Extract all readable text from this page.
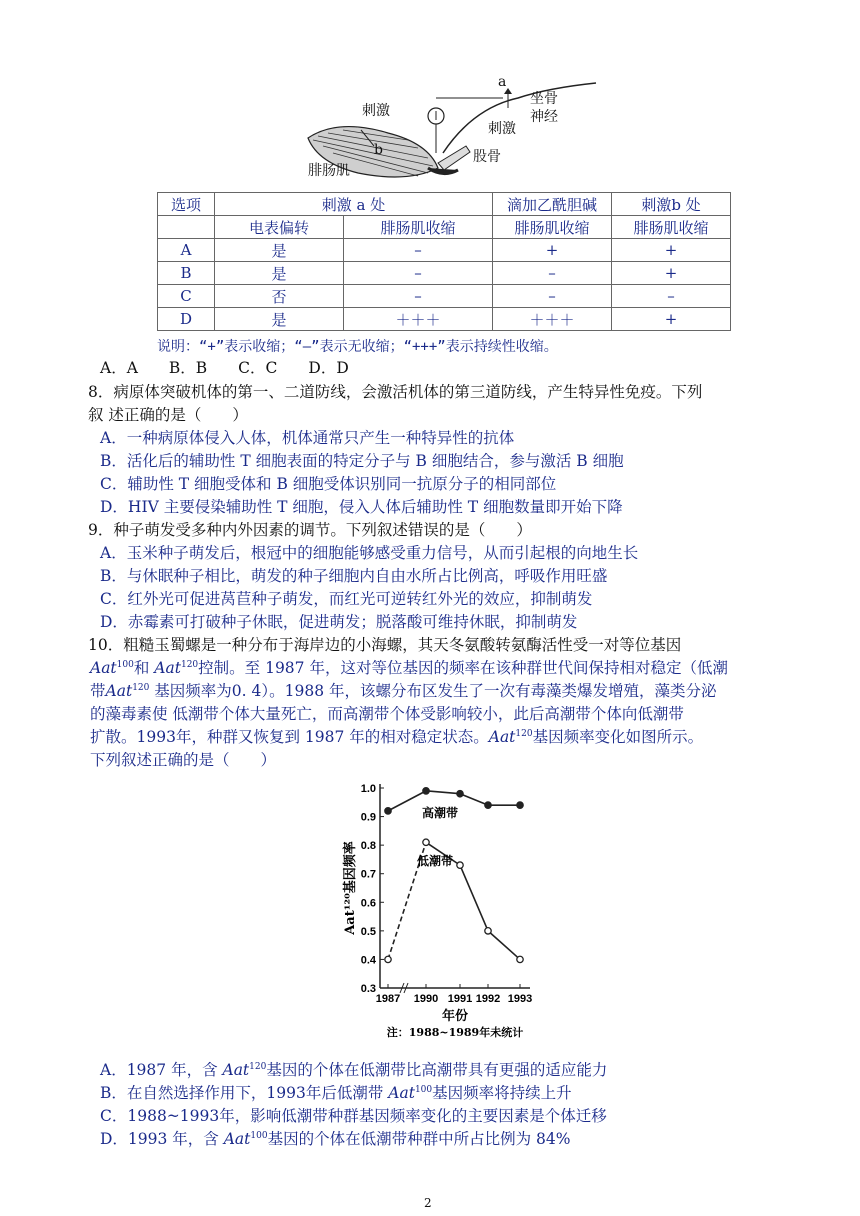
刺激
b
腓肠肌
a
刺激
坐骨
神经
股骨
选项	刺激 a 处		滴加乙酰胆碱	刺激b 处
	电表偏转	腓肠肌收缩	腓肠肌收缩	腓肠肌收缩
A	是	–	+	+
B	是	–	–	+
C	否	–	–	–
D	是	＋＋＋	＋＋＋	+
说明：“+”表示收缩；“–”表示无收缩；“+++”表示持续性收缩。
A．A　　B．B　　C．C　　D．D
8．病原体突破机体的第一、二道防线，会激活机体的第三道防线，产生特异性免疫。下列
叙 述正确的是（　　）
A．一种病原体侵入人体，机体通常只产生一种特异性的抗体
B．活化后的辅助性 T 细胞表面的特定分子与 B 细胞结合，参与激活 B 细胞
C．辅助性 T 细胞受体和 B 细胞受体识别同一抗原分子的相同部位
D．HIV 主要侵染辅助性 T 细胞，侵入人体后辅助性 T 细胞数量即开始下降
9．种子萌发受多种内外因素的调节。下列叙述错误的是（　　）
A．玉米种子萌发后，根冠中的细胞能够感受重力信号，从而引起根的向地生长
B．与休眠种子相比，萌发的种子细胞内自由水所占比例高，呼吸作用旺盛
C．红外光可促进莴苣种子萌发，而红光可逆转红外光的效应，抑制萌发
D．赤霉素可打破种子休眠，促进萌发；脱落酸可维持休眠，抑制萌发
10．粗糙玉蜀螺是一种分布于海岸边的小海螺，其天冬氨酸转氨酶活性受一对等位基因
Aat$^{100}$和 Aat$^{120}$控制。至 1987 年，这对等位基因的频率在该种群世代间保持相对稳定（低潮
带Aat$^{120}$ 基因频率为0. 4）。1988 年，该螺分布区发生了一次有毒藻类爆发增殖，藻类分泌
的藻毒素使 低潮带个体大量死亡，而高潮带个体受影响较小，此后高潮带个体向低潮带
扩散。1993年，种群又恢复到 1987 年的相对稳定状态。Aat$^{120}$基因频率变化如图所示。
下列叙述正确的是（　　）
1.0
0.9
0.8
0.7
0.6
0.5
0.4
0.3
1987 1990 1991 1992 1993
年份
注：1988~1989年未统计
Aat¹²⁰基因频率
高潮带
低潮带
A．1987 年，含 Aat$^{120}$基因的个体在低潮带比高潮带具有更强的适应能力
B．在自然选择作用下，1993年后低潮带 Aat$^{100}$基因频率将持续上升
C．1988~1993年，影响低潮带种群基因频率变化的主要因素是个体迁移
D．1993 年，含 Aat$^{100}$基因的个体在低潮带种群中所占比例为 84%
2
